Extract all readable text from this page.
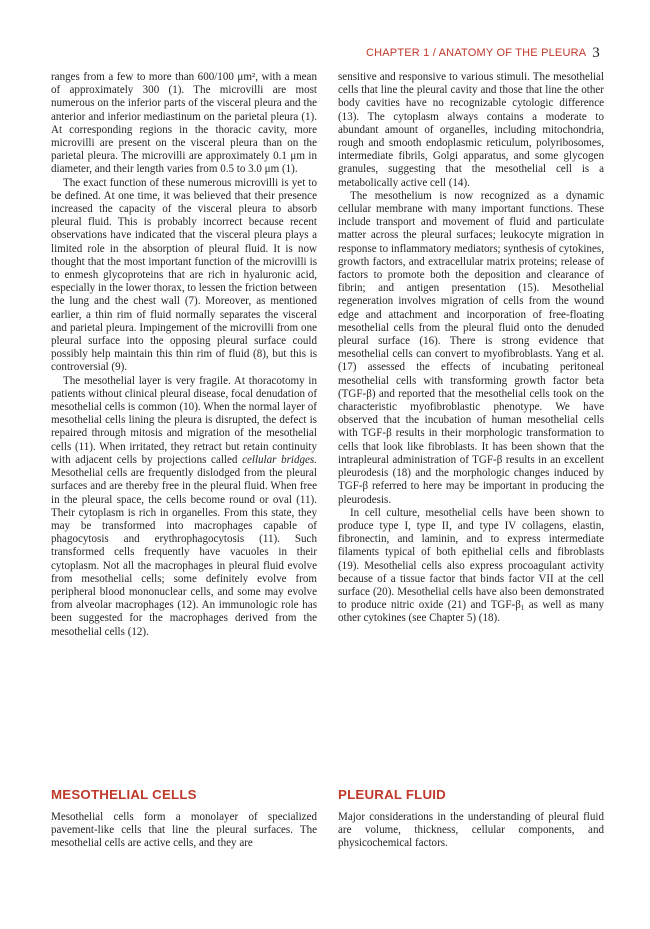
CHAPTER 1 / ANATOMY OF THE PLEURA 3

ranges from a few to more than 600/100 μm², with a mean of approximately 300 (1). The microvilli are most numerous on the inferior parts of the visceral pleura and the anterior and inferior mediastinum on the parietal pleura (1). At corresponding regions in the thoracic cavity, more microvilli are present on the visceral pleura than on the parietal pleura. The microvilli are approximately 0.1 μm in diameter, and their length varies from 0.5 to 3.0 μm (1).

The exact function of these numerous microvilli is yet to be defined. At one time, it was believed that their presence increased the capacity of the visceral pleura to absorb pleural fluid. This is probably incorrect because recent observations have indicated that the visceral pleura plays a limited role in the absorption of pleural fluid. It is now thought that the most important function of the microvilli is to enmesh glycoproteins that are rich in hyaluronic acid, especially in the lower thorax, to lessen the friction between the lung and the chest wall (7). Moreover, as mentioned earlier, a thin rim of fluid normally separates the visceral and parietal pleura. Impingement of the microvilli from one pleural surface into the opposing pleural surface could possibly help maintain this thin rim of fluid (8), but this is controversial (9).

The mesothelial layer is very fragile. At thoracotomy in patients without clinical pleural disease, focal denudation of mesothelial cells is common (10). When the normal layer of mesothelial cells lining the pleura is disrupted, the defect is repaired through mitosis and migration of the mesothelial cells (11). When irritated, they retract but retain continuity with adjacent cells by projections called cellular bridges. Mesothelial cells are frequently dislodged from the pleural surfaces and are thereby free in the pleural fluid. When free in the pleural space, the cells become round or oval (11). Their cytoplasm is rich in organelles. From this state, they may be transformed into macrophages capable of phagocytosis and erythrophagocytosis (11). Such transformed cells frequently have vacuoles in their cytoplasm. Not all the macrophages in pleural fluid evolve from mesothelial cells; some definitely evolve from peripheral blood mononuclear cells, and some may evolve from alveolar macrophages (12). An immunologic role has been suggested for the macrophages derived from the mesothelial cells (12).

sensitive and responsive to various stimuli. The mesothelial cells that line the pleural cavity and those that line the other body cavities have no recognizable cytologic difference (13). The cytoplasm always contains a moderate to abundant amount of organelles, including mitochondria, rough and smooth endoplasmic reticulum, polyribosomes, intermediate fibrils, Golgi apparatus, and some glycogen granules, suggesting that the mesothelial cell is a metabolically active cell (14).

The mesothelium is now recognized as a dynamic cellular membrane with many important functions. These include transport and movement of fluid and particulate matter across the pleural surfaces; leukocyte migration in response to inflammatory mediators; synthesis of cytokines, growth factors, and extracellular matrix proteins; release of factors to promote both the deposition and clearance of fibrin; and antigen presentation (15). Mesothelial regeneration involves migration of cells from the wound edge and attachment and incorporation of free-floating mesothelial cells from the pleural fluid onto the denuded pleural surface (16). There is strong evidence that mesothelial cells can convert to myofibroblasts. Yang et al. (17) assessed the effects of incubating peritoneal mesothelial cells with transforming growth factor beta (TGF-β) and reported that the mesothelial cells took on the characteristic myofibroblastic phenotype. We have observed that the incubation of human mesothelial cells with TGF-β results in their morphologic transformation to cells that look like fibroblasts. It has been shown that the intrapleural administration of TGF-β results in an excellent pleurodesis (18) and the morphologic changes induced by TGF-β referred to here may be important in producing the pleurodesis.

In cell culture, mesothelial cells have been shown to produce type I, type II, and type IV collagens, elastin, fibronectin, and laminin, and to express intermediate filaments typical of both epithelial cells and fibroblasts (19). Mesothelial cells also express procoagulant activity because of a tissue factor that binds factor VII at the cell surface (20). Mesothelial cells have also been demonstrated to produce nitric oxide (21) and TGF-$\beta_1$ as well as many other cytokines (see Chapter 5) (18).

MESOTHELIAL CELLS
Mesothelial cells form a monolayer of specialized pavement-like cells that line the pleural surfaces. The mesothelial cells are active cells, and they are
PLEURAL FLUID
Major considerations in the understanding of pleural fluid are volume, thickness, cellular components, and physicochemical factors.
